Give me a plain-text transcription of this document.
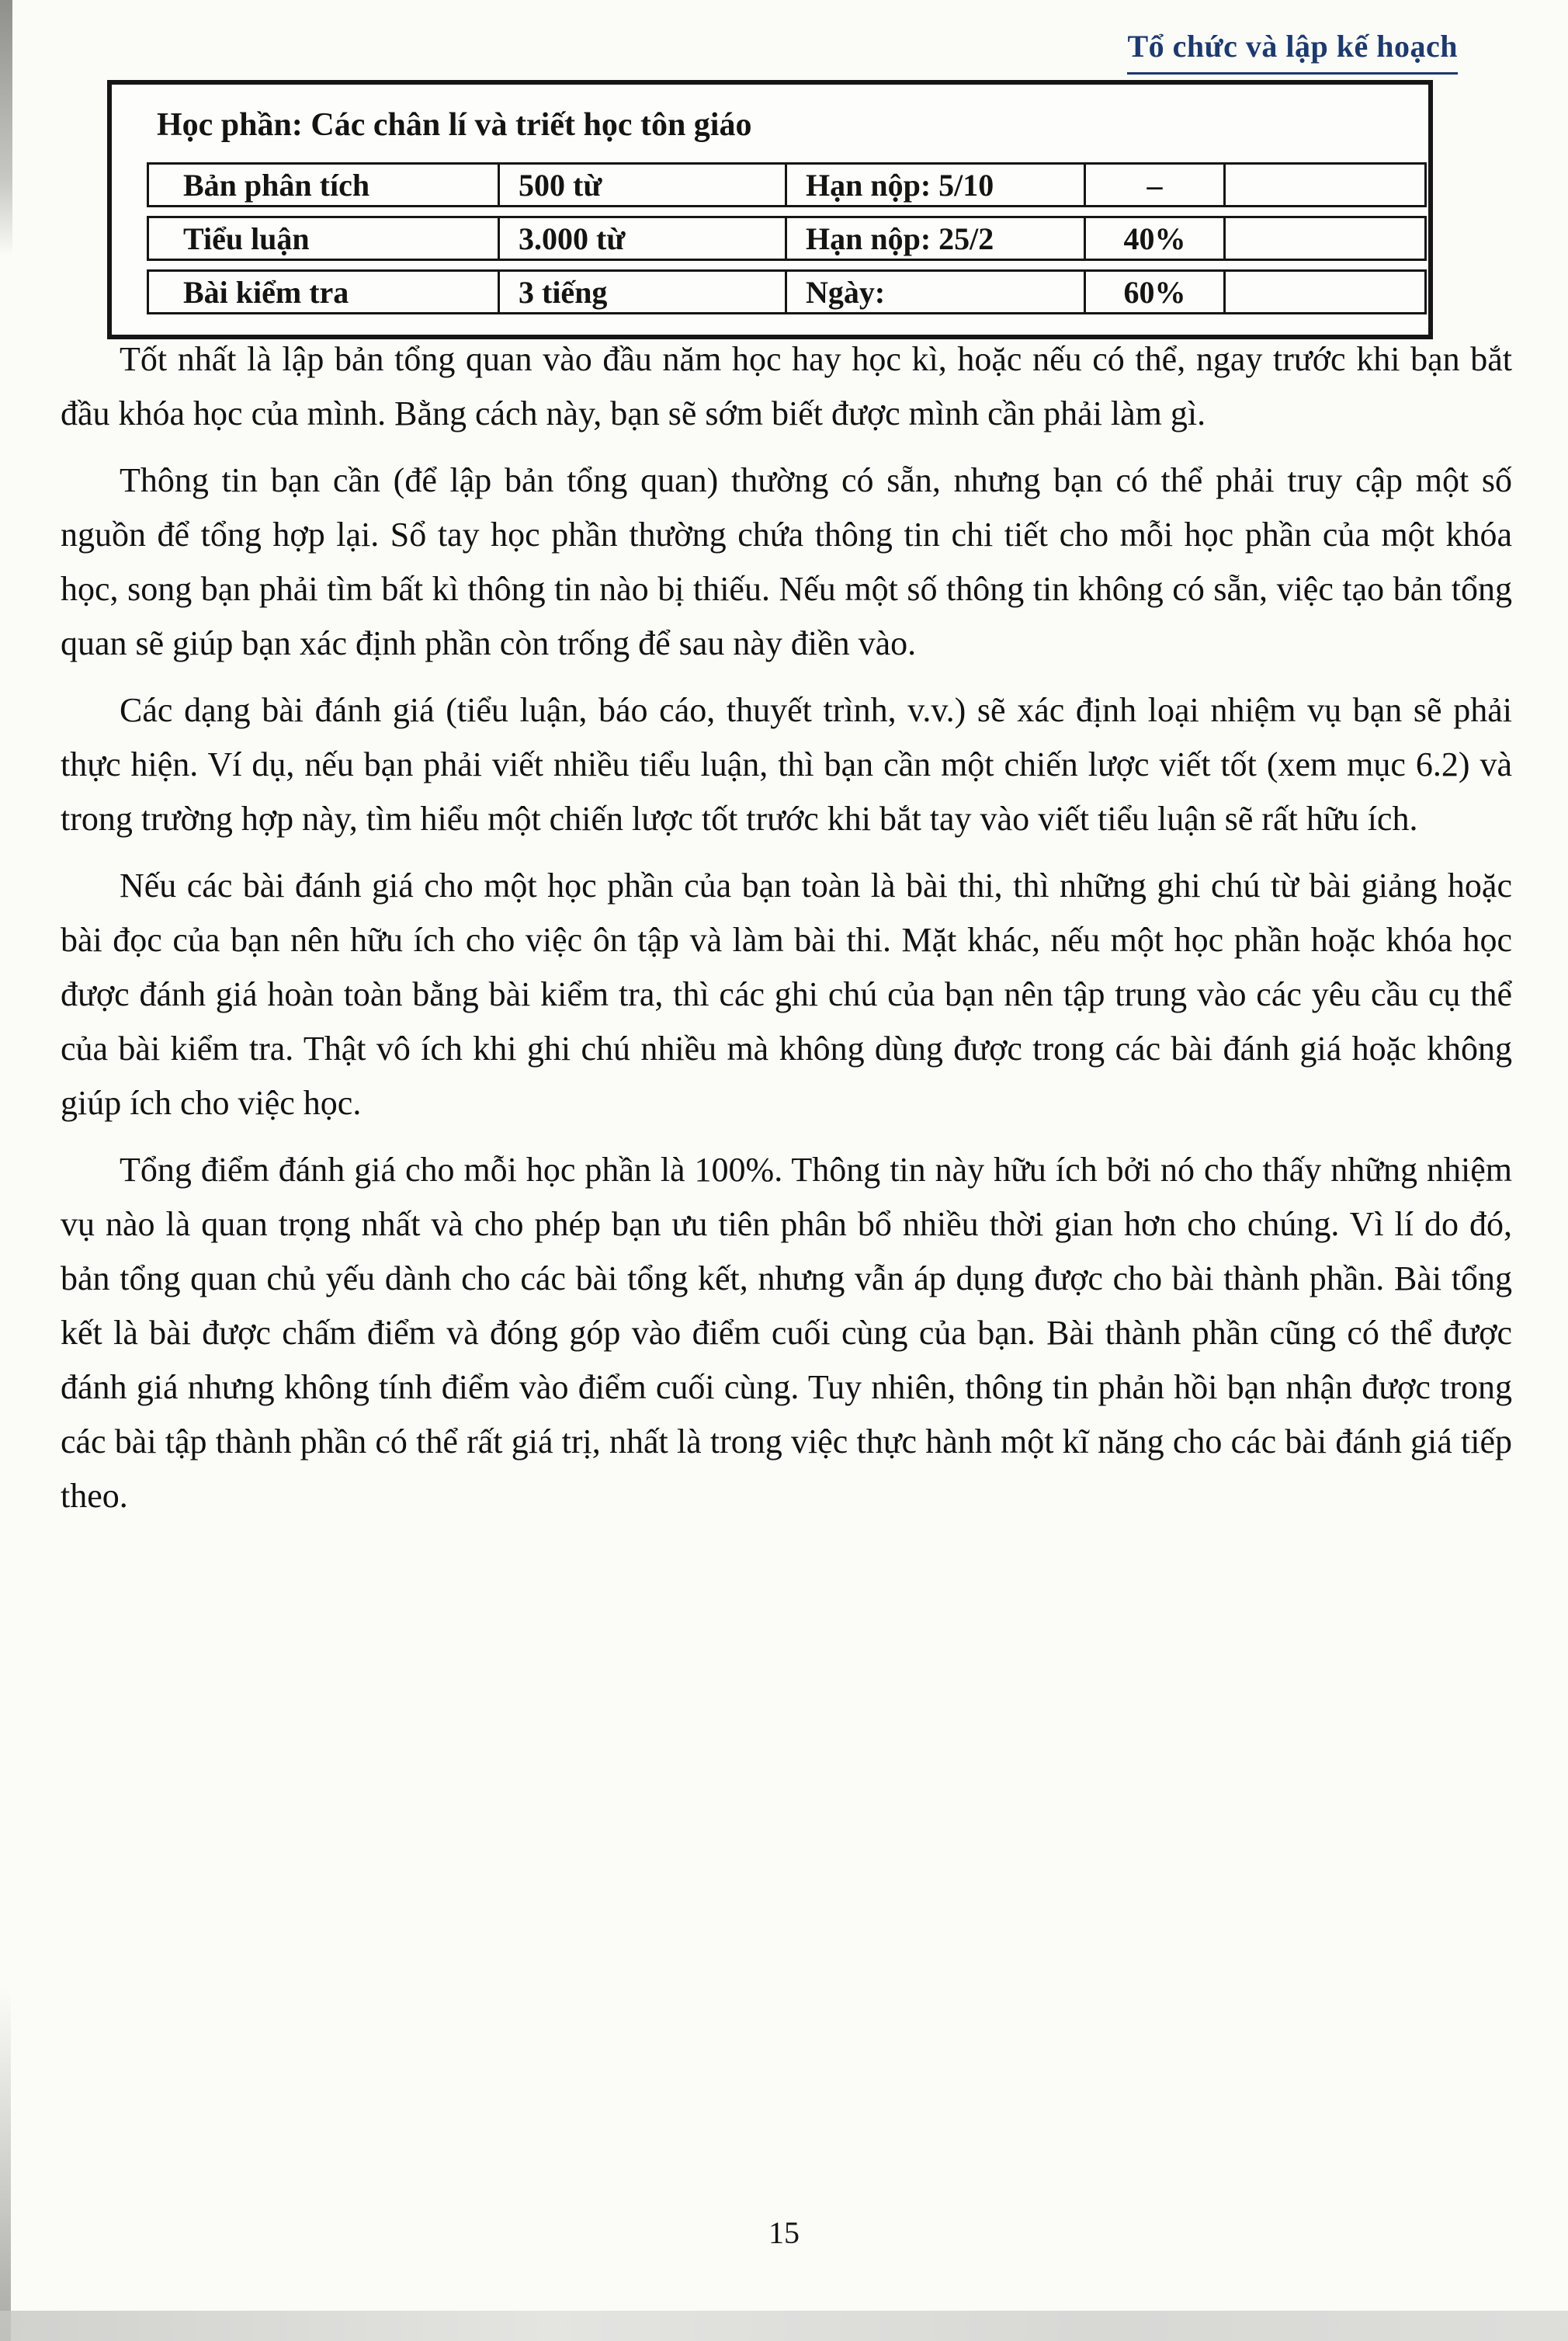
Tổ chức và lập kế hoạch
Học phần: Các chân lí và triết học tôn giáo
Bản phân tích	500 từ	Hạn nộp: 5/10	–
Tiểu luận	3.000 từ	Hạn nộp: 25/2	40%
Bài kiểm tra	3 tiếng	Ngày:	60%

Tốt nhất là lập bản tổng quan vào đầu năm học hay học kì, hoặc nếu có thể, ngay trước khi bạn bắt đầu khóa học của mình. Bằng cách này, bạn sẽ sớm biết được mình cần phải làm gì.

Thông tin bạn cần (để lập bản tổng quan) thường có sẵn, nhưng bạn có thể phải truy cập một số nguồn để tổng hợp lại. Sổ tay học phần thường chứa thông tin chi tiết cho mỗi học phần của một khóa học, song bạn phải tìm bất kì thông tin nào bị thiếu. Nếu một số thông tin không có sẵn, việc tạo bản tổng quan sẽ giúp bạn xác định phần còn trống để sau này điền vào.

Các dạng bài đánh giá (tiểu luận, báo cáo, thuyết trình, v.v.) sẽ xác định loại nhiệm vụ bạn sẽ phải thực hiện. Ví dụ, nếu bạn phải viết nhiều tiểu luận, thì bạn cần một chiến lược viết tốt (xem mục 6.2) và trong trường hợp này, tìm hiểu một chiến lược tốt trước khi bắt tay vào viết tiểu luận sẽ rất hữu ích.

Nếu các bài đánh giá cho một học phần của bạn toàn là bài thi, thì những ghi chú từ bài giảng hoặc bài đọc của bạn nên hữu ích cho việc ôn tập và làm bài thi. Mặt khác, nếu một học phần hoặc khóa học được đánh giá hoàn toàn bằng bài kiểm tra, thì các ghi chú của bạn nên tập trung vào các yêu cầu cụ thể của bài kiểm tra. Thật vô ích khi ghi chú nhiều mà không dùng được trong các bài đánh giá hoặc không giúp ích cho việc học.

Tổng điểm đánh giá cho mỗi học phần là 100%. Thông tin này hữu ích bởi nó cho thấy những nhiệm vụ nào là quan trọng nhất và cho phép bạn ưu tiên phân bổ nhiều thời gian hơn cho chúng. Vì lí do đó, bản tổng quan chủ yếu dành cho các bài tổng kết, nhưng vẫn áp dụng được cho bài thành phần. Bài tổng kết là bài được chấm điểm và đóng góp vào điểm cuối cùng của bạn. Bài thành phần cũng có thể được đánh giá nhưng không tính điểm vào điểm cuối cùng. Tuy nhiên, thông tin phản hồi bạn nhận được trong các bài tập thành phần có thể rất giá trị, nhất là trong việc thực hành một kĩ năng cho các bài đánh giá tiếp theo.

15
